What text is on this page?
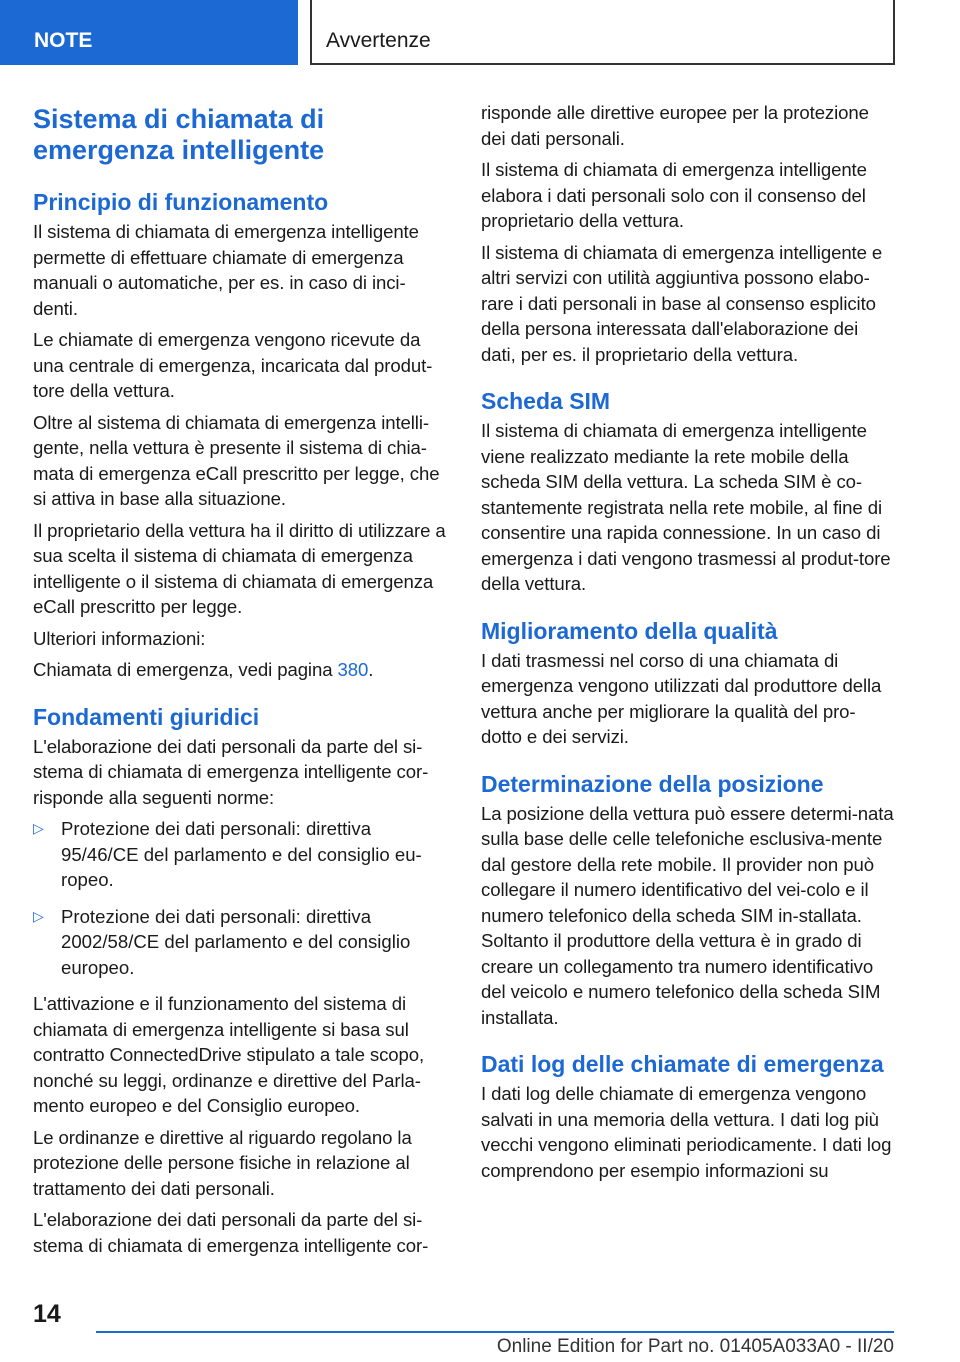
NOTE	Avvertenze
Sistema di chiamata di emergenza intelligente
Principio di funzionamento

Il sistema di chiamata di emergenza intelligente permette di effettuare chiamate di emergenza manuali o automatiche, per es. in caso di inci‐denti.

Le chiamate di emergenza vengono ricevute da una centrale di emergenza, incaricata dal produt‐tore della vettura.

Oltre al sistema di chiamata di emergenza intelli‐gente, nella vettura è presente il sistema di chia‐mata di emergenza eCall prescritto per legge, che si attiva in base alla situazione.

Il proprietario della vettura ha il diritto di utilizzare a sua scelta il sistema di chiamata di emergenza intelligente o il sistema di chiamata di emergenza eCall prescritto per legge.

Ulteriori informazioni:

Chiamata di emergenza, vedi pagina 380.

Fondamenti giuridici

L'elaborazione dei dati personali da parte del si‐stema di chiamata di emergenza intelligente cor‐risponde alla seguenti norme:

▷ Protezione dei dati personali: direttiva 95/46/CE del parlamento e del consiglio eu‐ropeo.
▷ Protezione dei dati personali: direttiva 2002/58/CE del parlamento e del consiglio europeo.

L'attivazione e il funzionamento del sistema di chiamata di emergenza intelligente si basa sul contratto ConnectedDrive stipulato a tale scopo, nonché su leggi, ordinanze e direttive del Parla‐mento europeo e del Consiglio europeo.

Le ordinanze e direttive al riguardo regolano la protezione delle persone fisiche in relazione al trattamento dei dati personali.

L'elaborazione dei dati personali da parte del si‐stema di chiamata di emergenza intelligente cor‐

risponde alle direttive europee per la protezione dei dati personali.

Il sistema di chiamata di emergenza intelligente elabora i dati personali solo con il consenso del proprietario della vettura.

Il sistema di chiamata di emergenza intelligente e altri servizi con utilità aggiuntiva possono elabo‐rare i dati personali in base al consenso esplicito della persona interessata dall'elaborazione dei dati, per es. il proprietario della vettura.

Scheda SIM

Il sistema di chiamata di emergenza intelligente viene realizzato mediante la rete mobile della scheda SIM della vettura. La scheda SIM è co‐stantemente registrata nella rete mobile, al fine di consentire una rapida connessione. In un caso di emergenza i dati vengono trasmessi al produt‐tore della vettura.

Miglioramento della qualità

I dati trasmessi nel corso di una chiamata di emergenza vengono utilizzati dal produttore della vettura anche per migliorare la qualità del pro‐dotto e dei servizi.

Determinazione della posizione

La posizione della vettura può essere determi‐nata sulla base delle celle telefoniche esclusiva‐mente dal gestore della rete mobile. Il provider non può collegare il numero identificativo del vei‐colo e il numero telefonico della scheda SIM in‐stallata. Soltanto il produttore della vettura è in grado di creare un collegamento tra numero identificativo del veicolo e numero telefonico della scheda SIM installata.

Dati log delle chiamate di emergenza

I dati log delle chiamate di emergenza vengono salvati in una memoria della vettura. I dati log più vecchi vengono eliminati periodicamente. I dati log comprendono per esempio informazioni su

14
Online Edition for Part no. 01405A033A0 - II/20
